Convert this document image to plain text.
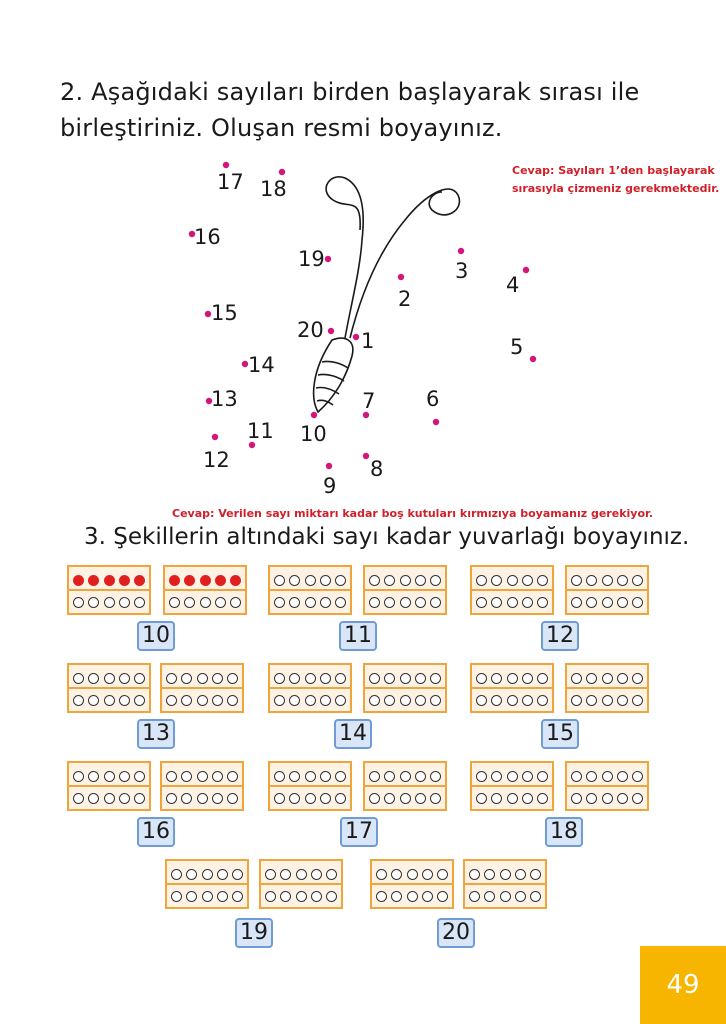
2. Aşağıdaki sayıları birden başlayarak sırası ile
birleştiriniz. Oluşan resmi boyayınız.
Cevap: Sayıları 1’den başlayarak
sırasıyla çizmeniz gerekmektedir.
1
2
3
4
5
6
7
8
9
10
11
12
13
14
15
16
17 18
19
20
Cevap: Verilen sayı miktarı kadar boş kutuları kırmızıya boyamanız gerekiyor.
3. Şekillerin altındaki sayı kadar yuvarlağı boyayınız.
10	11	12
13	14	15
16	17	18
19	20
49
